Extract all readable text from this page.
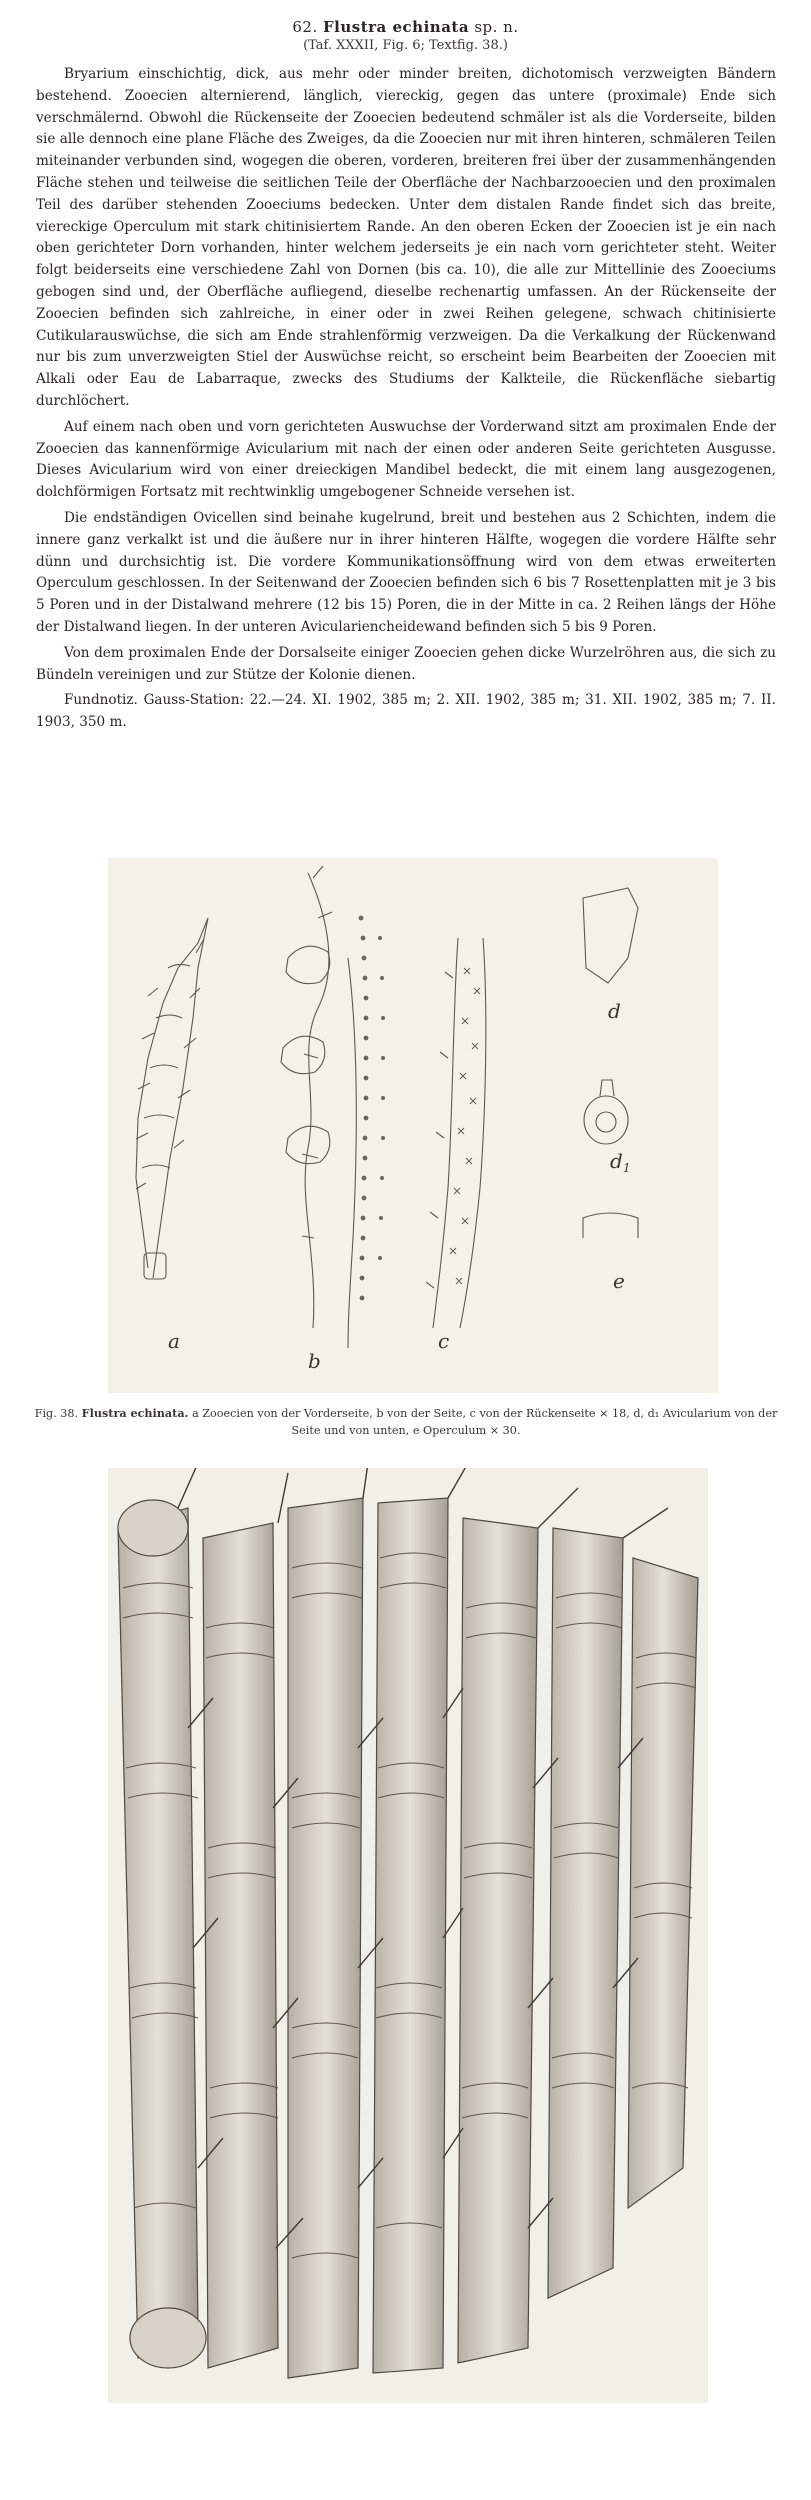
62. Flustra echinata sp. n.
(Taf. XXXII, Fig. 6; Textfig. 38.)

Bryarium einschichtig, dick, aus mehr oder minder breiten, dichotomisch verzweigten Bändern bestehend. Zooecien alternierend, länglich, viereckig, gegen das untere (proximale) Ende sich verschmälernd. Obwohl die Rückenseite der Zooecien bedeutend schmäler ist als die Vorderseite, bilden sie alle dennoch eine plane Fläche des Zweiges, da die Zooecien nur mit ihren hinteren, schmäleren Teilen miteinander verbunden sind, wogegen die oberen, vorderen, breiteren frei über der zusammenhängenden Fläche stehen und teilweise die seitlichen Teile der Oberfläche der Nachbarzooecien und den proximalen Teil des darüber stehenden Zooeciums bedecken. Unter dem distalen Rande findet sich das breite, viereckige Operculum mit stark chitinisiertem Rande. An den oberen Ecken der Zooecien ist je ein nach oben gerichteter Dorn vorhanden, hinter welchem jederseits je ein nach vorn gerichteter steht. Weiter folgt beiderseits eine verschiedene Zahl von Dornen (bis ca. 10), die alle zur Mittellinie des Zooeciums gebogen sind und, der Oberfläche aufliegend, dieselbe rechenartig umfassen. An der Rückenseite der Zooecien befinden sich zahlreiche, in einer oder in zwei Reihen gelegene, schwach chitinisierte Cutikularauswüchse, die sich am Ende strahlenförmig verzweigen. Da die Verkalkung der Rückenwand nur bis zum unverzweigten Stiel der Auswüchse reicht, so erscheint beim Bearbeiten der Zooecien mit Alkali oder Eau de Labarraque, zwecks des Studiums der Kalkteile, die Rückenfläche siebartig durchlöchert.

Auf einem nach oben und vorn gerichteten Auswuchse der Vorderwand sitzt am proximalen Ende der Zooecien das kannenförmige Avicularium mit nach der einen oder anderen Seite gerichteten Ausgusse. Dieses Avicularium wird von einer dreieckigen Mandibel bedeckt, die mit einem lang ausgezogenen, dolchförmigen Fortsatz mit rechtwinklig umgebogener Schneide versehen ist.

Die endständigen Ovicellen sind beinahe kugelrund, breit und bestehen aus 2 Schichten, indem die innere ganz verkalkt ist und die äußere nur in ihrer hinteren Hälfte, wogegen die vordere Hälfte sehr dünn und durchsichtig ist. Die vordere Kommunikationsöffnung wird von dem etwas erweiterten Operculum geschlossen. In der Seitenwand der Zooecien befinden sich 6 bis 7 Rosettenplatten mit je 3 bis 5 Poren und in der Distalwand mehrere (12 bis 15) Poren, die in der Mitte in ca. 2 Reihen längs der Höhe der Distalwand liegen. In der unteren Aviculariencheidewand befinden sich 5 bis 9 Poren.

Von dem proximalen Ende der Dorsalseite einiger Zooecien gehen dicke Wurzelröhren aus, die sich zu Bündeln vereinigen und zur Stütze der Kolonie dienen.

Fundnotiz. Gauss-Station: 22.—24. XI. 1902, 385 m; 2. XII. 1902, 385 m; 31. XII. 1902, 385 m; 7. II. 1903, 350 m.

a
b
c
d
$d_1$
e
Fig. 38. Flustra echinata. a Zooecien von der Vorderseite, b von der Seite, c von der Rückenseite × 18, d, d₁ Avicularium von der Seite und von unten, e Operculum × 30.
